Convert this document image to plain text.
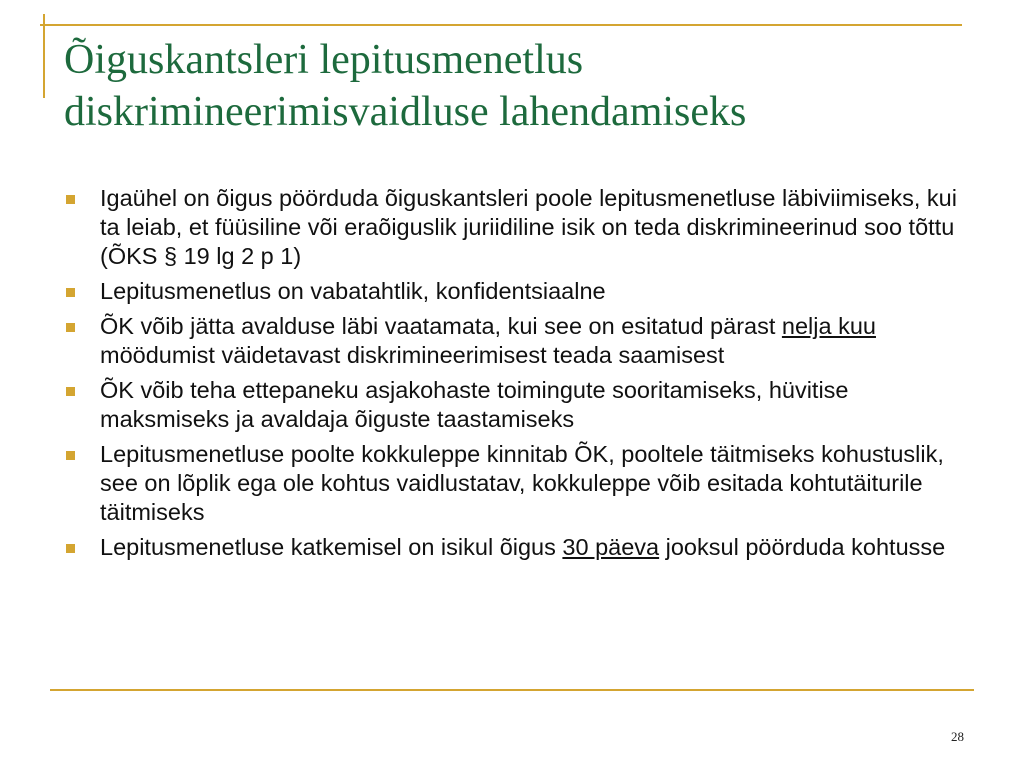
Õiguskantsleri lepitusmenetlus
diskrimineerimisvaidluse lahendamiseks
Igaühel on õigus pöörduda õiguskantsleri poole lepitusmenetluse läbiviimiseks, kui ta leiab, et füüsiline või eraõiguslik juriidiline isik on teda diskrimineerinud soo tõttu (ÕKS § 19 lg 2 p 1)
Lepitusmenetlus on vabatahtlik, konfidentsiaalne
ÕK võib jätta avalduse läbi vaatamata, kui see on esitatud pärast nelja kuu möödumist väidetavast diskrimineerimisest teada saamisest
ÕK võib teha ettepaneku asjakohaste toimingute sooritamiseks, hüvitise maksmiseks ja avaldaja õiguste taastamiseks
Lepitusmenetluse poolte kokkuleppe kinnitab ÕK, pooltele täitmiseks kohustuslik, see on lõplik ega ole kohtus vaidlustatav, kokkuleppe võib esitada kohtutäiturile täitmiseks
Lepitusmenetluse katkemisel on isikul õigus 30 päeva jooksul pöörduda kohtusse
28
